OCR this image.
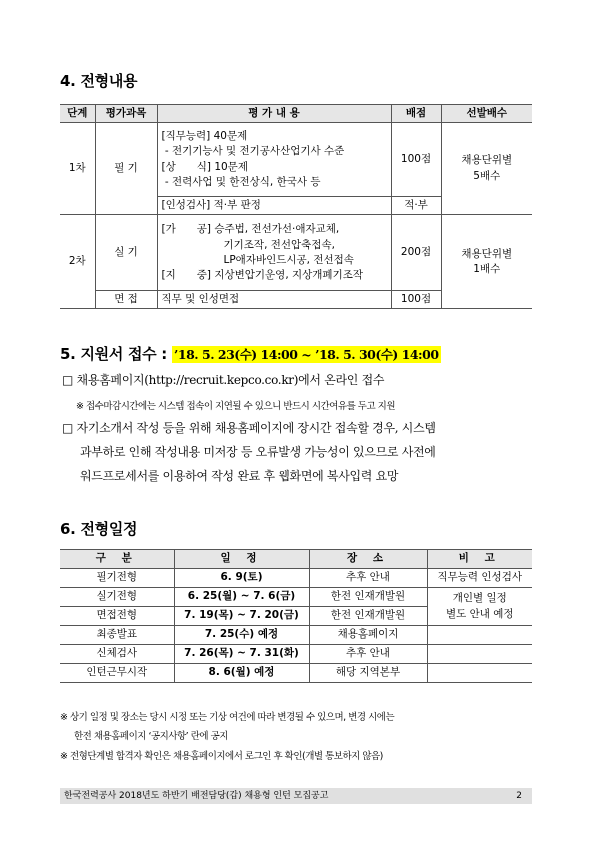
4. 전형내용
단계	평가과목	평 가 내 용	배점	선발배수
1차	필 기	[직무능력] 40문제
- 전기기능사 및 전기공사산업기사 수준
[상　　식] 10문제
- 전력사업 및 한전상식, 한국사 등	100점	채용단위별
5배수

		[인성검사] 적·부 판정	적·부	
2차	실 기	[가　　공] 승주법, 전선가선·애자교체,
기기조작, 전선압축접속,
LP애자바인드시공, 전선접속
[지　　중] 지상변압기운영, 지상개폐기조작	200점	채용단위별
1배수

	면 접	직무 및 인성면접	100점	
5. 지원서 접수 : ’18. 5. 23(수) 14:00 ~ ’18. 5. 30(수) 14:00
□ 채용홈페이지(http://recruit.kepco.co.kr)에서 온라인 접수
※ 접수마감시간에는 시스템 접속이 지연될 수 있으니 반드시 시간여유를 두고 지원
□ 자기소개서 작성 등을 위해 채용홈페이지에 장시간 접속할 경우, 시스템
과부하로 인해 작성내용 미저장 등 오류발생 가능성이 있으므로 사전에
워드프로세서를 이용하여 작성 완료 후 웹화면에 복사입력 요망
6. 전형일정
구 분	일 정	장 소	비 고
필기전형	6. 9(토)	추후 안내	직무능력 인성검사
실기전형	6. 25(월) ~ 7. 6(금)	한전 인재개발원	개인별 일정
별도 안내 예정

면접전형	7. 19(목) ~ 7. 20(금)	한전 인재개발원	
최종발표	7. 25(수) 예정	채용홈페이지	
신체검사	7. 26(목) ~ 7. 31(화)	추후 안내	
인턴근무시작	8. 6(월) 예정	해당 지역본부	
※ 상기 일정 및 장소는 당시 시정 또는 기상 여건에 따라 변경될 수 있으며, 변경 시에는
한전 채용홈페이지 ‘공지사항’ 란에 공지
※ 전형단계별 합격자 확인은 채용홈페이지에서 로그인 후 확인(개별 통보하지 않음)
한국전력공사 2018년도 하반기 배전담당(갑) 채용형 인턴 모집공고	2
